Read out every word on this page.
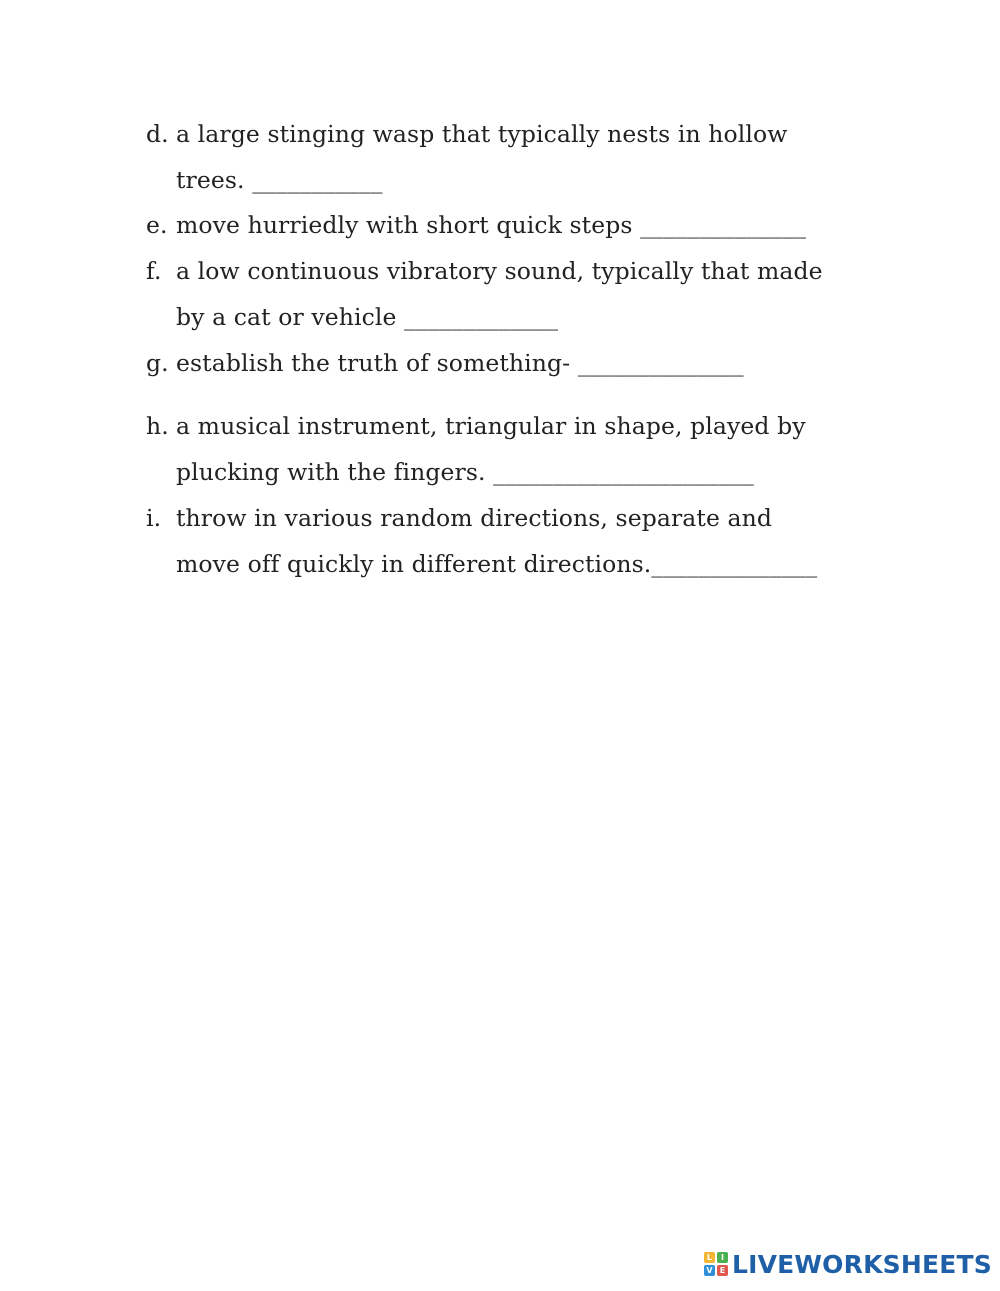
d. a large stinging wasp that typically nests in hollow
trees. ___________
e. move hurriedly with short quick steps ______________
f. a low continuous vibratory sound, typically that made
by a cat or vehicle _____________
g. establish the truth of something- ______________
h. a musical instrument, triangular in shape, played by
plucking with the fingers. ______________________
i. throw in various random directions, separate and
move off quickly in different directions.______________
L	I
V E LIVEWORKSHEETS
